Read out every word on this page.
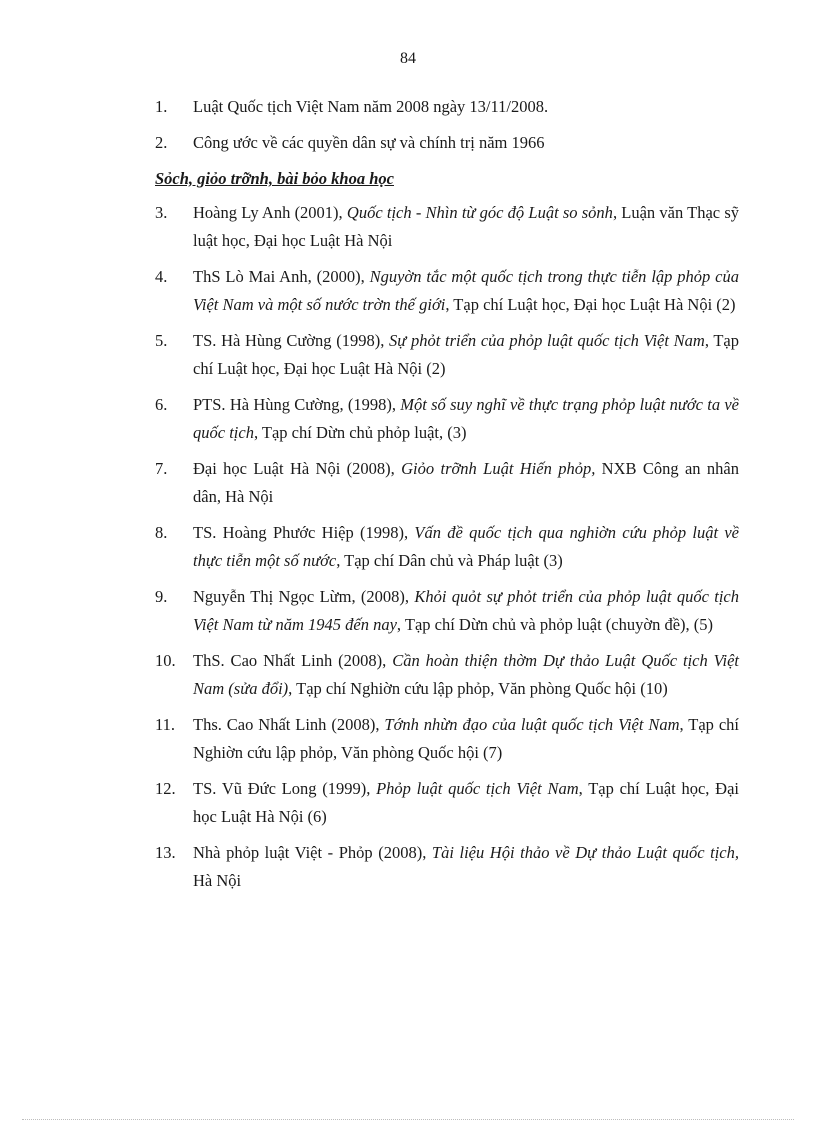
84
1.	Luật Quốc tịch Việt Nam năm 2008 ngày 13/11/2008.
2.	Công ước về các quyền dân sự và chính trị năm 1966
Sỏch, giỏo trỡnh, bài bỏo khoa học
3.	Hoàng Ly Anh (2001), Quốc tịch - Nhìn từ góc độ Luật so sỏnh, Luận văn Thạc sỹ luật học, Đại học Luật Hà Nội
4.	ThS Lò Mai Anh, (2000), Nguyờn tắc một quốc tịch trong thực tiễn lập phỏp của Việt Nam và một số nước trờn thế giới, Tạp chí Luật học, Đại học Luật Hà Nội (2)
5.	TS. Hà Hùng Cường (1998), Sự phỏt triển của phỏp luật quốc tịch Việt Nam, Tạp chí Luật học, Đại học Luật Hà Nội (2)
6.	PTS. Hà Hùng Cường, (1998), Một số suy nghĩ về thực trạng phỏp luật nước ta về quốc tịch, Tạp chí Dừn chủ phỏp luật, (3)
7.	Đại học Luật Hà Nội (2008), Giỏo trỡnh Luật Hiến phỏp, NXB Công an nhân dân, Hà Nội
8.	TS. Hoàng Phước Hiệp (1998), Vấn đề quốc tịch qua nghiờn cứu phỏp luật về thực tiễn một số nước, Tạp chí Dân chủ và Pháp luật (3)
9.	Nguyễn Thị Ngọc Lừm, (2008), Khỏi quỏt sự phỏt triển của phỏp luật quốc tịch Việt Nam từ năm 1945 đến nay, Tạp chí Dừn chủ và phỏp luật (chuyờn đề), (5)
10.	ThS. Cao Nhất Linh (2008), Cần hoàn thiện thờm Dự thảo Luật Quốc tịch Việt Nam (sửa đổi), Tạp chí Nghiờn cứu lập phỏp, Văn phòng Quốc hội (10)
11.	Ths. Cao Nhất Linh (2008), Tớnh nhừn đạo của luật quốc tịch Việt Nam, Tạp chí Nghiờn cứu lập phỏp, Văn phòng Quốc hội (7)
12.	TS. Vũ Đức Long (1999), Phỏp luật quốc tịch Việt Nam, Tạp chí Luật học, Đại học Luật Hà Nội (6)
13.	Nhà phỏp luật Việt - Phỏp (2008), Tài liệu Hội thảo về Dự thảo Luật quốc tịch, Hà Nội
